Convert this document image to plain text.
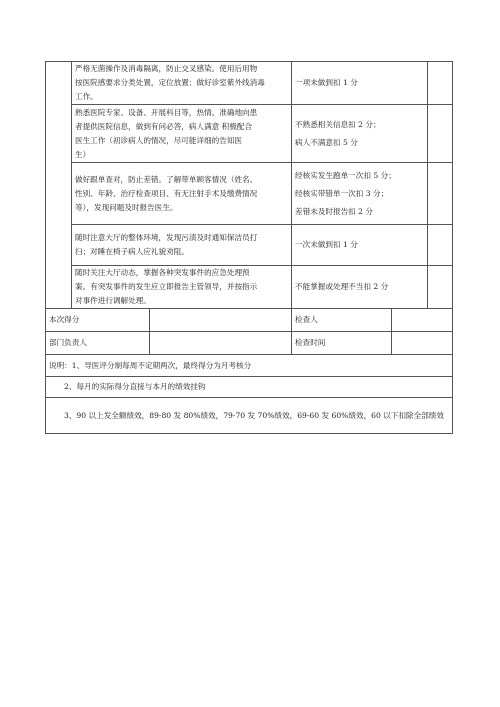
	严格无菌操作及消毒隔离，防止交叉感染。使用后用物
按医院感要求分类处置，定位放置；做好诊室紫外线消毒
工作。		一项未做到扣 1 分		

	熟悉医院专家、设备、开展科目等，热情、准确地向患
者提供医院信息，做到有问必答，病人满意 积极配合
医生工作（初诊病人的情况，尽可能详细的告知医
生）		不熟悉相关信息扣 2 分；
病人不满意扣 5 分		

	做好跟单查对，防止差错。了解带单顾客情况（姓名、
性别、年龄、治疗检查项目、有无注射手术及缴费情况
等），发现问题及时报告医生。		经核实发生跑单一次扣 5 分；
经核实带错单一次扣 3 分；
差错未及时报告扣 2 分		

	随时注意大厅的整体环境，发现污渍及时通知保洁员打
扫；对睡在椅子病人应礼貌劝阻。		一次未做到扣 1 分		

	随时关注大厅动态，掌握各种突发事件的应急处理预
案。有突发事件的发生应立即报告主管领导，并按指示
对事件进行调解处理。		不能掌握或处理不当扣 2 分		

本次得分			检查人		
部门负责人			检查时间		
说明：1、导医评分制每周不定期两次，最终得分为月考核分					
2、每月的实际得分直接与本月的绩效挂钩					
3、90 以上发全额绩效，89-80 发 80%绩效，79-70 发 70%绩效，69-60 发 60%绩效，60 以下扣除全部绩效					
